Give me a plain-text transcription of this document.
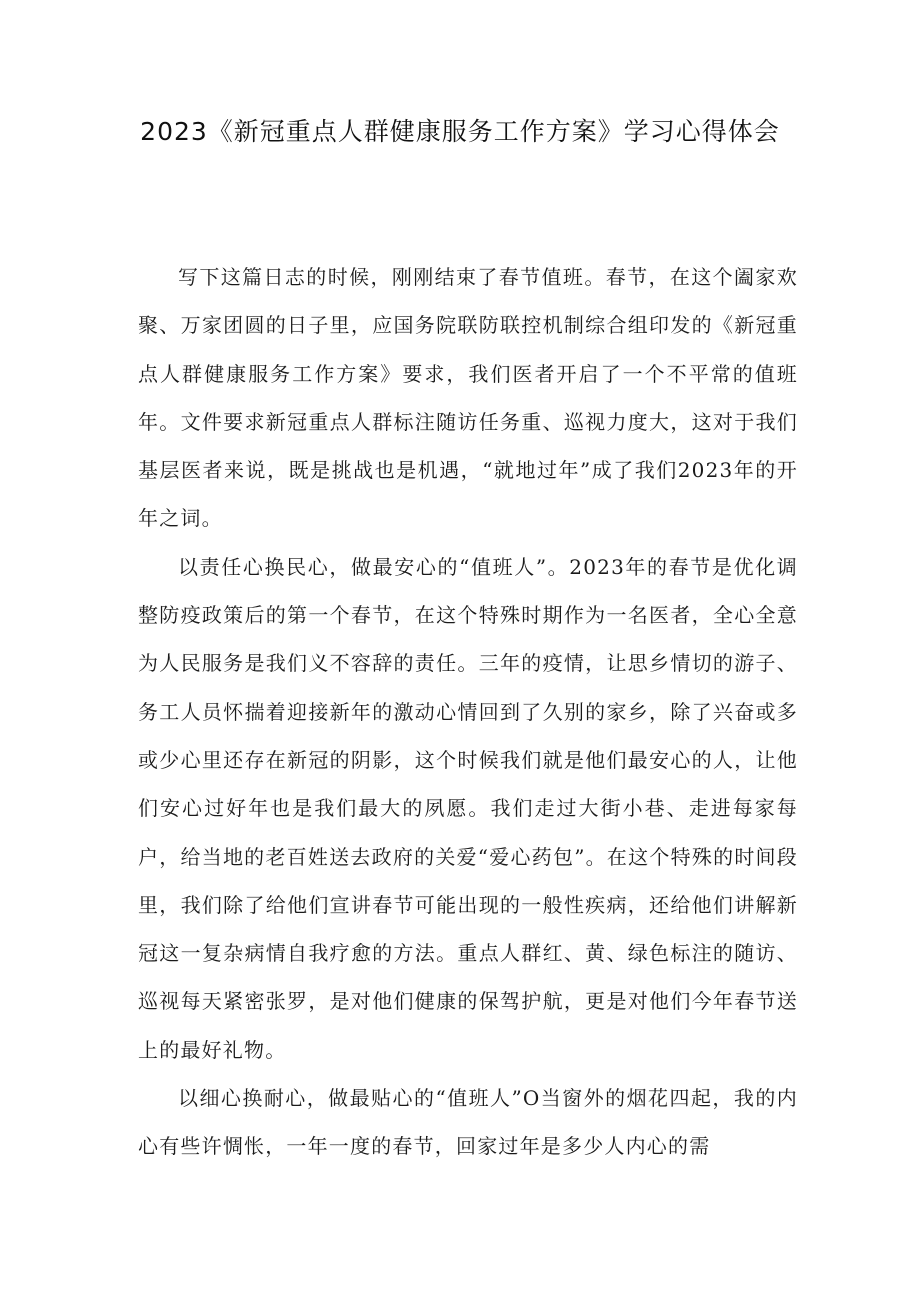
2023《新冠重点人群健康服务工作方案》学习心得体会

写下这篇日志的时候，刚刚结束了春节值班。春节，在这个阖家欢聚、万家团圆的日子里，应国务院联防联控机制综合组印发的《新冠重点人群健康服务工作方案》要求，我们医者开启了一个不平常的值班年。文件要求新冠重点人群标注随访任务重、巡视力度大，这对于我们基层医者来说，既是挑战也是机遇，“就地过年”成了我们2023年的开年之词。

以责任心换民心，做最安心的“值班人”。2023年的春节是优化调整防疫政策后的第一个春节，在这个特殊时期作为一名医者，全心全意为人民服务是我们义不容辞的责任。三年的疫情，让思乡情切的游子、务工人员怀揣着迎接新年的激动心情回到了久别的家乡，除了兴奋或多或少心里还存在新冠的阴影，这个时候我们就是他们最安心的人，让他们安心过好年也是我们最大的夙愿。我们走过大街小巷、走进每家每户，给当地的老百姓送去政府的关爱“爱心药包”。在这个特殊的时间段里，我们除了给他们宣讲春节可能出现的一般性疾病，还给他们讲解新冠这一复杂病情自我疗愈的方法。重点人群红、黄、绿色标注的随访、巡视每天紧密张罗，是对他们健康的保驾护航，更是对他们今年春节送上的最好礼物。

以细心换耐心，做最贴心的“值班人”O当窗外的烟花四起，我的内心有些许惆怅，一年一度的春节，回家过年是多少人内心的需
